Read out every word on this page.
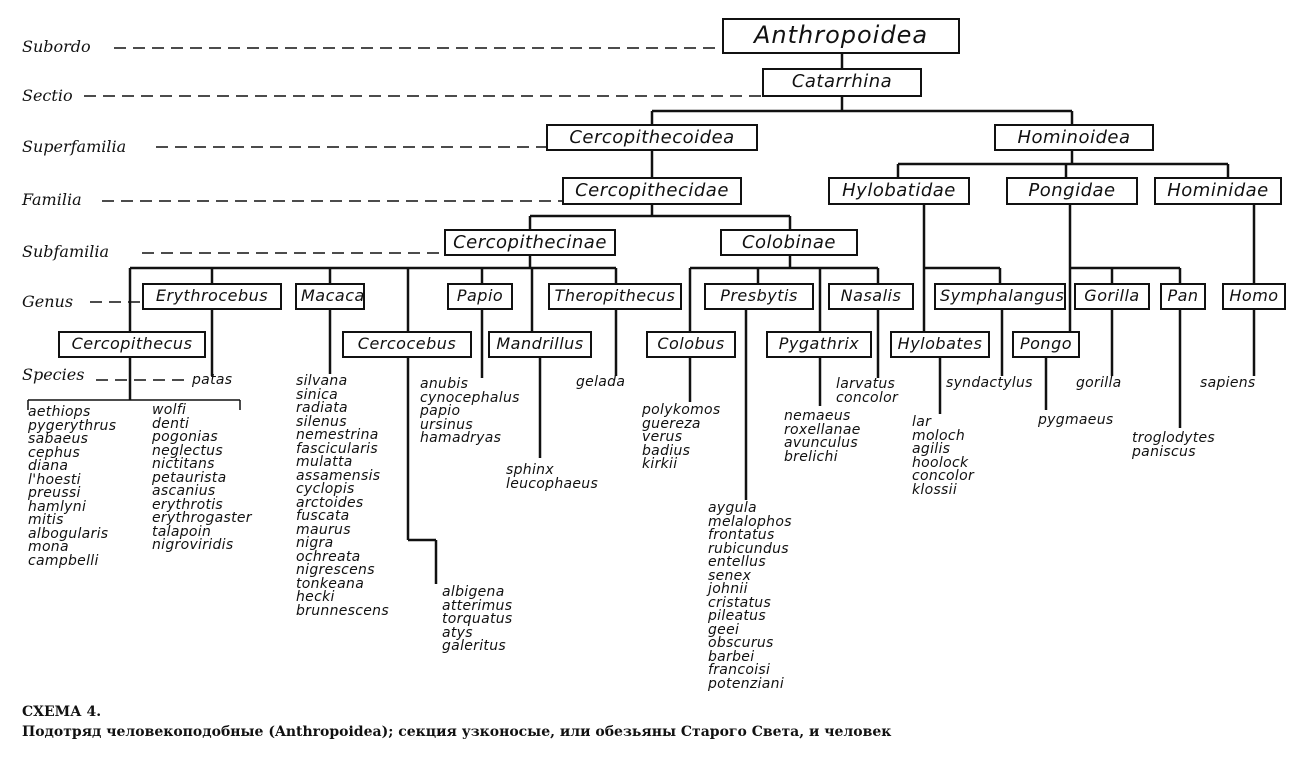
Subordo
Sectio
Superfamilia
Familia
Subfamilia
Genus
Species
Anthropoidea
Catarrhina
Cercopithecoidea	Hominoidea
Cercopithecidae	Hylobatidae	Pongidae	Hominidae
Cercopithecinae	Colobinae
Erythrocebus	Macaca	Papio	Theropithecus	Presbytis	Nasalis	Symphalangus	Gorilla	Pan	Homo
Cercopithecus	Cercocebus	Mandrillus	Colobus	Pygathrix	Hylobates	Pongo
patas
aethiops
pygerythrus
sabaeus
cephus
diana
l'hoesti
preussi
hamlyni
mitis
albogularis
mona
campbelli
wolfi
denti
pogonias
neglectus
nictitans
petaurista
ascanius
erythrotis
erythrogaster
talapoin
nigroviridis
silvana
sinica
radiata
silenus
nemestrina
fascicularis
mulatta
assamensis
cyclopis
arctoides
fuscata
maurus
nigra
ochreata
nigrescens
tonkeana
hecki
brunnescens
albigena
atterimus
torquatus
atys
galeritus
anubis
cynocephalus
papio
ursinus
hamadryas
sphinx
leucophaeus
gelada
polykomos
guereza
verus
badius
kirkii
aygula
melalophos
frontatus
rubicundus
entellus
senex
johnii
cristatus
pileatus
geei
obscurus
barbei
francoisi
potenziani
nemaeus
roxellanae
avunculus
brelichi
larvatus
concolor
syndactylus
lar
moloch
agilis
hoolock
concolor
klossii
pygmaeus
gorilla
troglodytes
paniscus
sapiens
СХЕМА 4.
Подотряд человекоподобные (Anthropoidea); секция узконосые, или обезьяны Старого Света, и человек
